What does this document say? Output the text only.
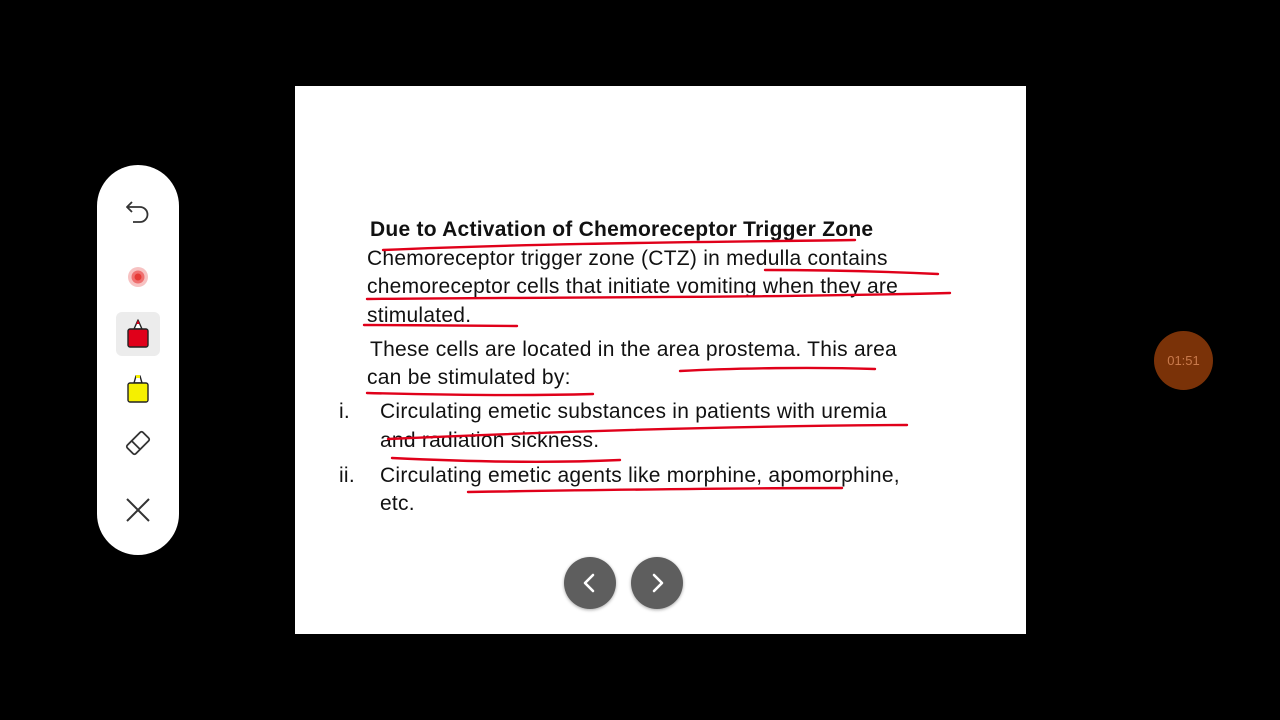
Due to Activation of Chemoreceptor Trigger Zone
Chemoreceptor trigger zone (CTZ) in medulla contains
chemoreceptor cells that initiate vomiting when they are
stimulated.
These cells are located in the area prostema. This area
can be stimulated by:
i. Circulating emetic substances in patients with uremia
and radiation sickness.
ii. Circulating emetic agents like morphine, apomorphine,
etc.
01:51
